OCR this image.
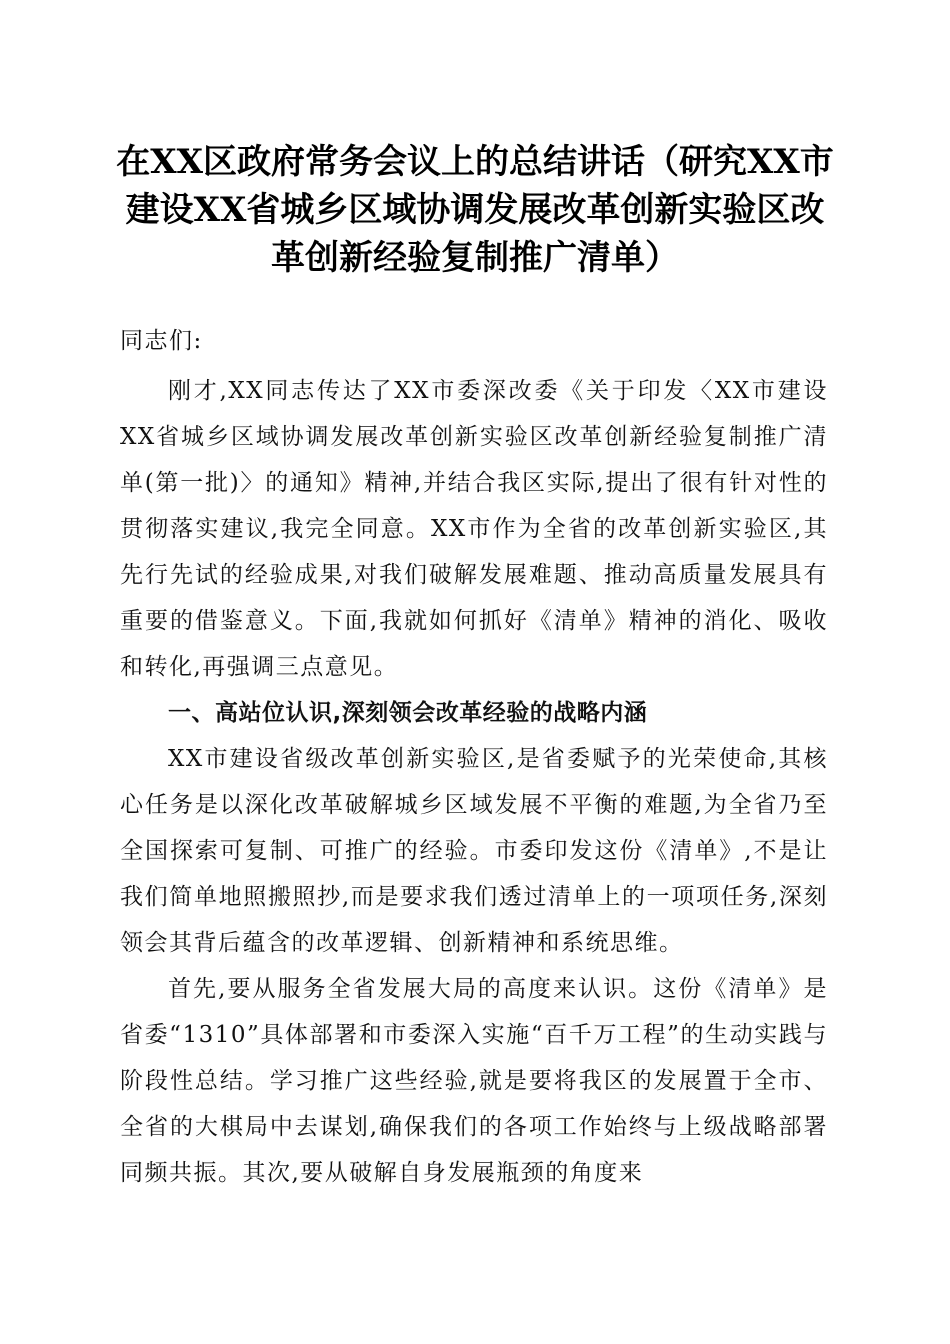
在XX区政府常务会议上的总结讲话（研究XX市建设XX省城乡区域协调发展改革创新实验区改革创新经验复制推广清单）

同志们:

刚才,XX同志传达了XX市委深改委《关于印发〈XX市建设XX省城乡区域协调发展改革创新实验区改革创新经验复制推广清单(第一批)〉的通知》精神,并结合我区实际,提出了很有针对性的贯彻落实建议,我完全同意。XX市作为全省的改革创新实验区,其先行先试的经验成果,对我们破解发展难题、推动高质量发展具有重要的借鉴意义。下面,我就如何抓好《清单》精神的消化、吸收和转化,再强调三点意见。

一、高站位认识,深刻领会改革经验的战略内涵

XX市建设省级改革创新实验区,是省委赋予的光荣使命,其核心任务是以深化改革破解城乡区域发展不平衡的难题,为全省乃至全国探索可复制、可推广的经验。市委印发这份《清单》,不是让我们简单地照搬照抄,而是要求我们透过清单上的一项项任务,深刻领会其背后蕴含的改革逻辑、创新精神和系统思维。

首先,要从服务全省发展大局的高度来认识。这份《清单》是省委“1310”具体部署和市委深入实施“百千万工程”的生动实践与阶段性总结。学习推广这些经验,就是要将我区的发展置于全市、全省的大棋局中去谋划,确保我们的各项工作始终与上级战略部署同频共振。其次,要从破解自身发展瓶颈的角度来
